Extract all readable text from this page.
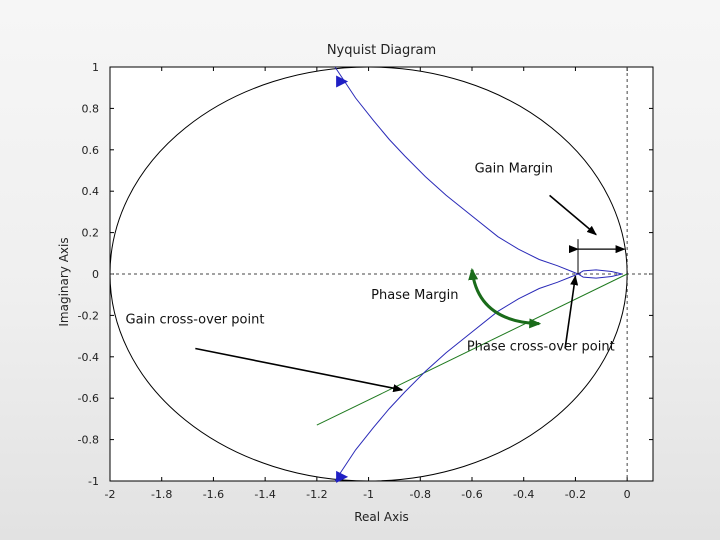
-2	-1.8	-1.6	-1.4	-1.2	-1	-0.8	-0.6	-0.4	-0.2	0
1
0.8
0.6
0.4
0.2
0
-0.2
-0.4
-0.6
-0.8
-1
Gain Margin
Phase Margin
Gain cross-over point
Phase cross-over point
Nyquist Diagram
Real Axis
Imaginary Axis
